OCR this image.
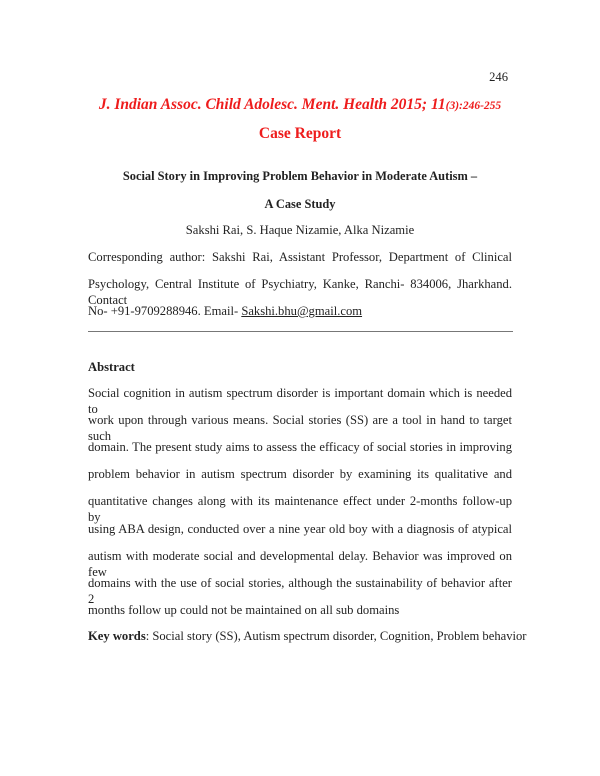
246
J. Indian Assoc. Child Adolesc. Ment. Health 2015; 11(3):246-255
Case Report
Social Story in Improving Problem Behavior in Moderate Autism –
A Case Study
Sakshi Rai, S. Haque Nizamie, Alka Nizamie
Corresponding author: Sakshi Rai, Assistant Professor, Department of Clinical
Psychology, Central Institute of Psychiatry, Kanke, Ranchi- 834006, Jharkhand. Contact
No- +91-9709288946. Email- Sakshi.bhu@gmail.com
Abstract
Social cognition in autism spectrum disorder is important domain which is needed to
work upon through various means. Social stories (SS) are a tool in hand to target such
domain. The present study aims to assess the efficacy of social stories in improving
problem behavior in autism spectrum disorder by examining its qualitative and
quantitative changes along with its maintenance effect under 2-months follow-up by
using ABA design, conducted over a nine year old boy with a diagnosis of atypical
autism with moderate social and developmental delay. Behavior was improved on few
domains with the use of social stories, although the sustainability of behavior after 2
months follow up could not be maintained on all sub domains
Key words: Social story (SS), Autism spectrum disorder, Cognition, Problem behavior
